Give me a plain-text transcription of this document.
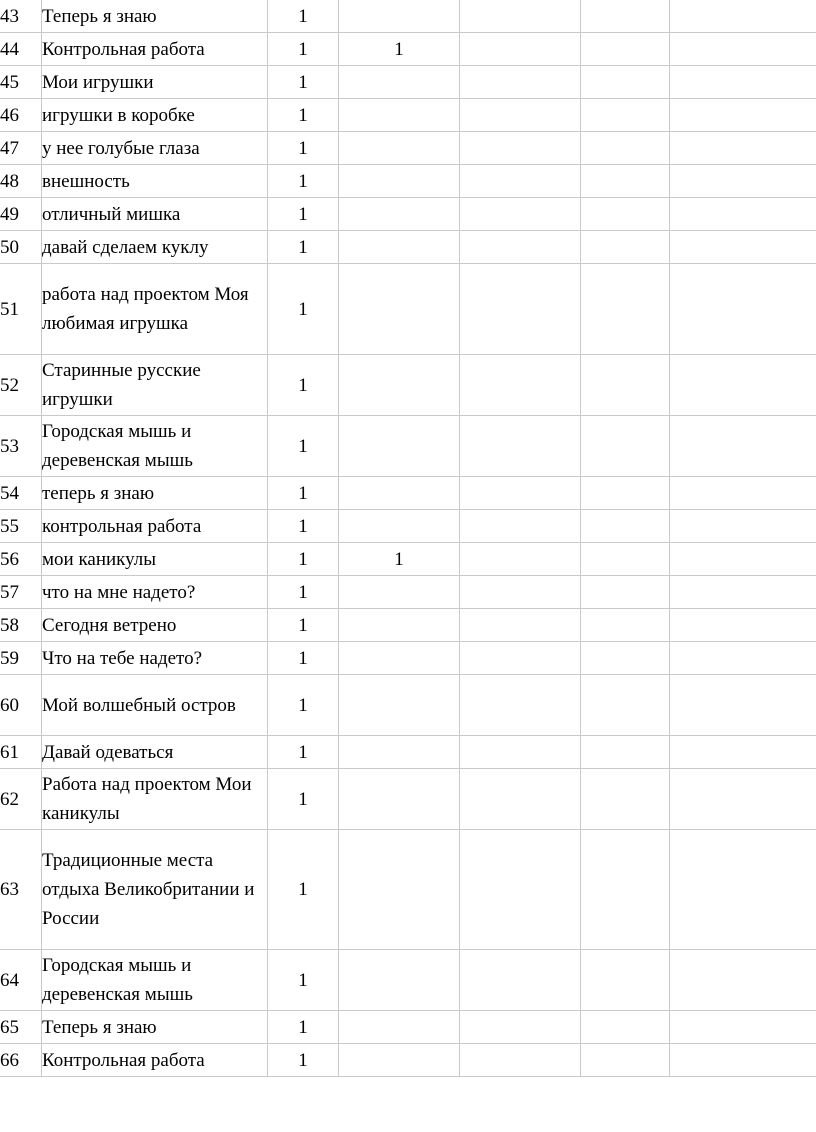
43	Теперь я знаю	1				
44	Контрольная работа	1	1			
45	Мои игрушки	1				
46	игрушки в коробке	1				
47	у нее голубые глаза	1				
48	внешность	1				
49	отличный мишка	1				
50	давай сделаем куклу	1				
51	работа над проектом Моя любимая игрушка	1				
52	Старинные русские игрушки	1				
53	Городская мышь и деревенская мышь	1				
54	теперь я знаю	1				
55	контрольная работа	1				
56	мои каникулы	1	1			
57	что на мне надето?	1				
58	Сегодня ветрено	1				
59	Что на тебе надето?	1				
60	Мой волшебный остров	1				
61	Давай одеваться	1				
62	Работа над проектом Мои каникулы	1				
63	Традиционные места отдыха Великобритании и России	1				
64	Городская мышь и деревенская мышь	1				
65	Теперь я знаю	1				
66	Контрольная работа	1				
